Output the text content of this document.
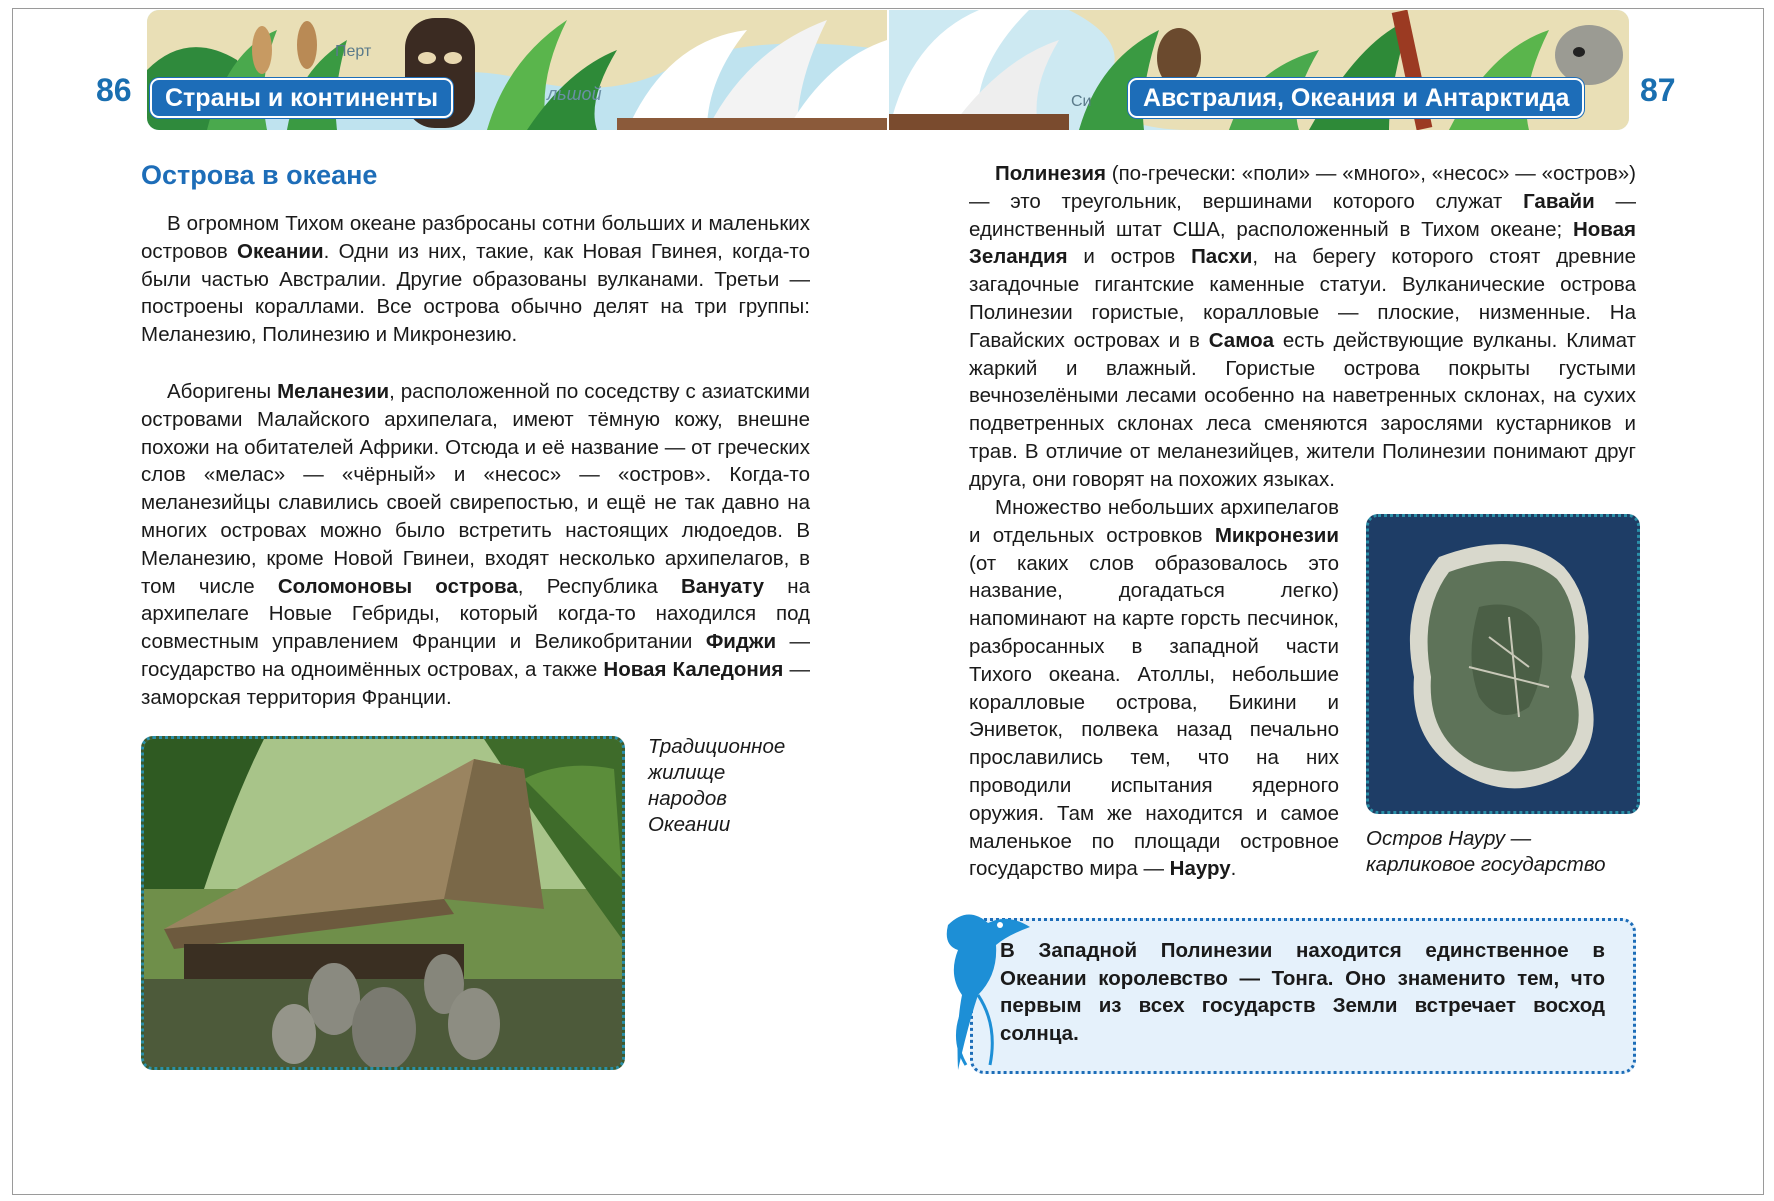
Перт
льшой	Си
86	Страны и континенты	Австралия, Океания и Антарктида	87
Острова в океане

В огромном Тихом океане разбросаны сотни больших и маленьких островов Океании. Одни из них, такие, как Новая Гвинея, когда-то были частью Австралии. Другие образованы вулканами. Третьи — построены кораллами. Все острова обычно делят на три группы: Меланезию, Полинезию и Микронезию.

Аборигены Меланезии, расположенной по соседству с азиатскими островами Малайского архипелага, имеют тёмную кожу, внешне похожи на обитателей Африки. Отсюда и её название — от греческих слов «мелас» — «чёрный» и «несос» — «остров». Когда-то меланезийцы славились своей свирепостью, и ещё не так давно на многих островах можно было встретить настоящих людоедов. В Меланезию, кроме Новой Гвинеи, входят несколько архипелагов, в том числе Соломоновы острова, Республика Вануату на архипелаге Новые Гебриды, который когда-то находился под совместным управлением Франции и Великобритании Фиджи — государство на одноимённых островах, а также Новая Каледония — заморская территория Франции.

Традиционное
жилище
народов
Океании

Полинезия (по-гречески: «поли» — «много», «несос» — «остров») — это треугольник, вершинами которого служат Гавайи — единственный штат США, расположенный в Тихом океане; Новая Зеландия и остров Пасхи, на берегу которого стоят древние загадочные гигантские каменные статуи. Вулканические острова Полинезии гористые, коралловые — плоские, низменные. На Гавайских островах и в Самоа есть действующие вулканы. Климат жаркий и влажный. Гористые острова покрыты густыми вечнозелёными лесами особенно на наветренных склонах, на сухих подветренных склонах леса сменяются зарослями кустарников и трав. В отличие от меланезийцев, жители Полинезии понимают друг друга, они говорят на похожих языках.

Множество небольших архипелагов и отдельных островков Микронезии (от каких слов образовалось это название, догадаться легко) напоминают на карте горсть песчинок, разбросанных в западной части Тихого океана. Атоллы, небольшие коралловые острова, Бикини и Эниветок, полвека назад печально прославились тем, что на них проводили испытания ядерного оружия. Там же находится и самое маленькое по площади островное государство мира — Науру.

Остров Науру —
карликовое государство

В Западной Полинезии находится единственное в Океании королевство — Тонга. Оно знаменито тем, что первым из всех государств Земли встречает восход солнца.
